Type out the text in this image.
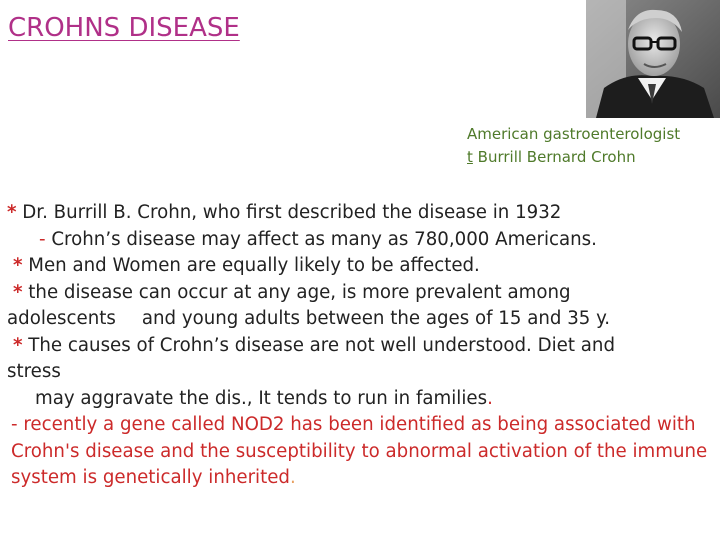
CROHNS DISEASE
American gastroenterologist
t Burrill Bernard Crohn
* Dr. Burrill B. Crohn, who first described the disease in 1932
- Crohn’s disease may affect as many as 780,000 Americans.
* Men and Women are equally likely to be affected.
* the disease can occur at any age, is more prevalent among
adolescents and young adults between the ages of 15 and 35 y.
* The causes of Crohn’s disease are not well understood. Diet and
stress
may aggravate the dis., It tends to run in families.
- recently a gene called NOD2 has been identified as being associated with Crohn's disease and the susceptibility to abnormal activation of the immune system is genetically inherited.
